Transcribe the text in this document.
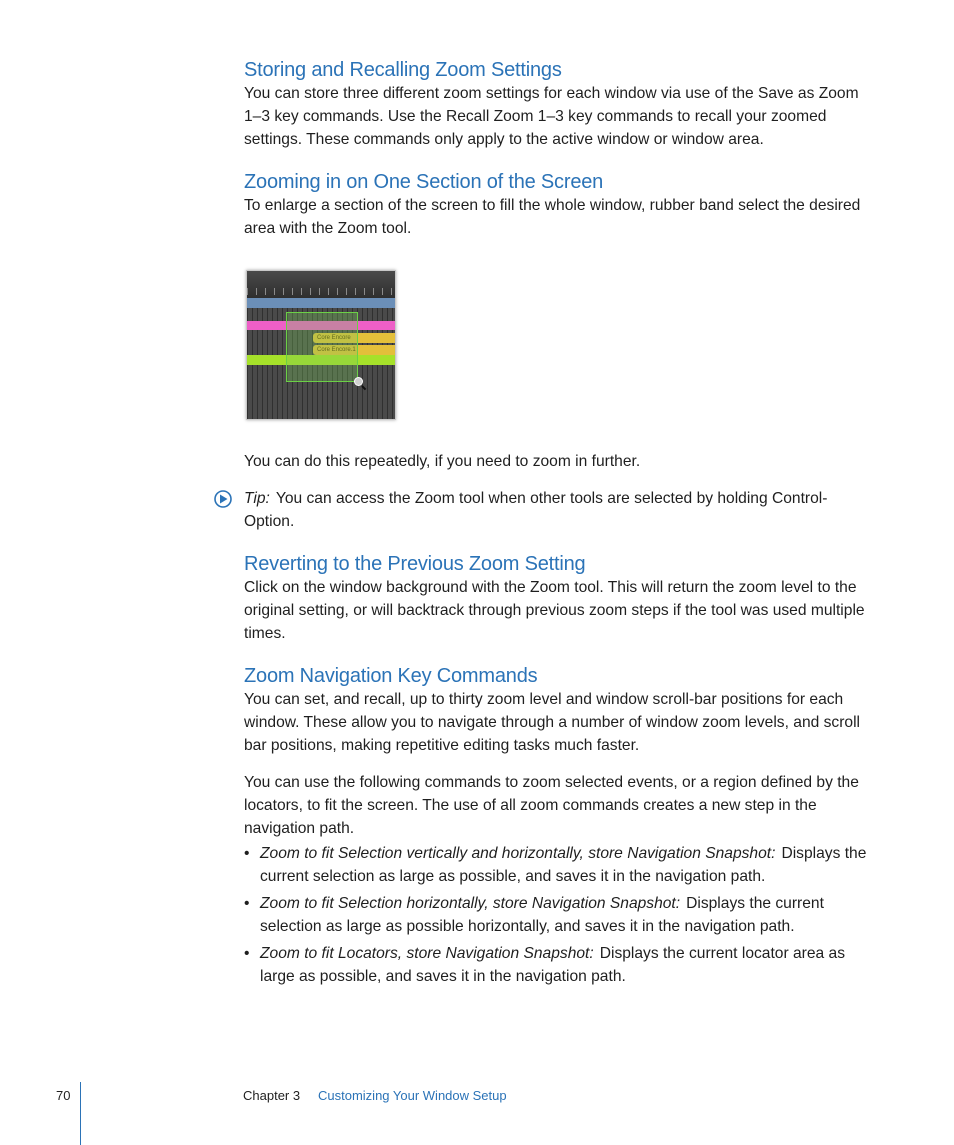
Storing and Recalling Zoom Settings

You can store three different zoom settings for each window via use of the Save as Zoom 1–3 key commands. Use the Recall Zoom 1–3 key commands to recall your zoomed settings. These commands only apply to the active window or window area.

Zooming in on One Section of the Screen

To enlarge a section of the screen to fill the whole window, rubber band select the desired area with the Zoom tool.

Core Encore
Core Encore.1

You can do this repeatedly, if you need to zoom in further.

Tip: You can access the Zoom tool when other tools are selected by holding Control-Option.

Reverting to the Previous Zoom Setting

Click on the window background with the Zoom tool. This will return the zoom level to the original setting, or will backtrack through previous zoom steps if the tool was used multiple times.

Zoom Navigation Key Commands

You can set, and recall, up to thirty zoom level and window scroll-bar positions for each window. These allow you to navigate through a number of window zoom levels, and scroll bar positions, making repetitive editing tasks much faster.

You can use the following commands to zoom selected events, or a region defined by the locators, to fit the screen. The use of all zoom commands creates a new step in the navigation path.

• Zoom to fit Selection vertically and horizontally, store Navigation Snapshot: Displays the current selection as large as possible, and saves it in the navigation path.
• Zoom to fit Selection horizontally, store Navigation Snapshot: Displays the current selection as large as possible horizontally, and saves it in the navigation path.
• Zoom to fit Locators, store Navigation Snapshot: Displays the current locator area as large as possible, and saves it in the navigation path.
70	Chapter 3 Customizing Your Window Setup
